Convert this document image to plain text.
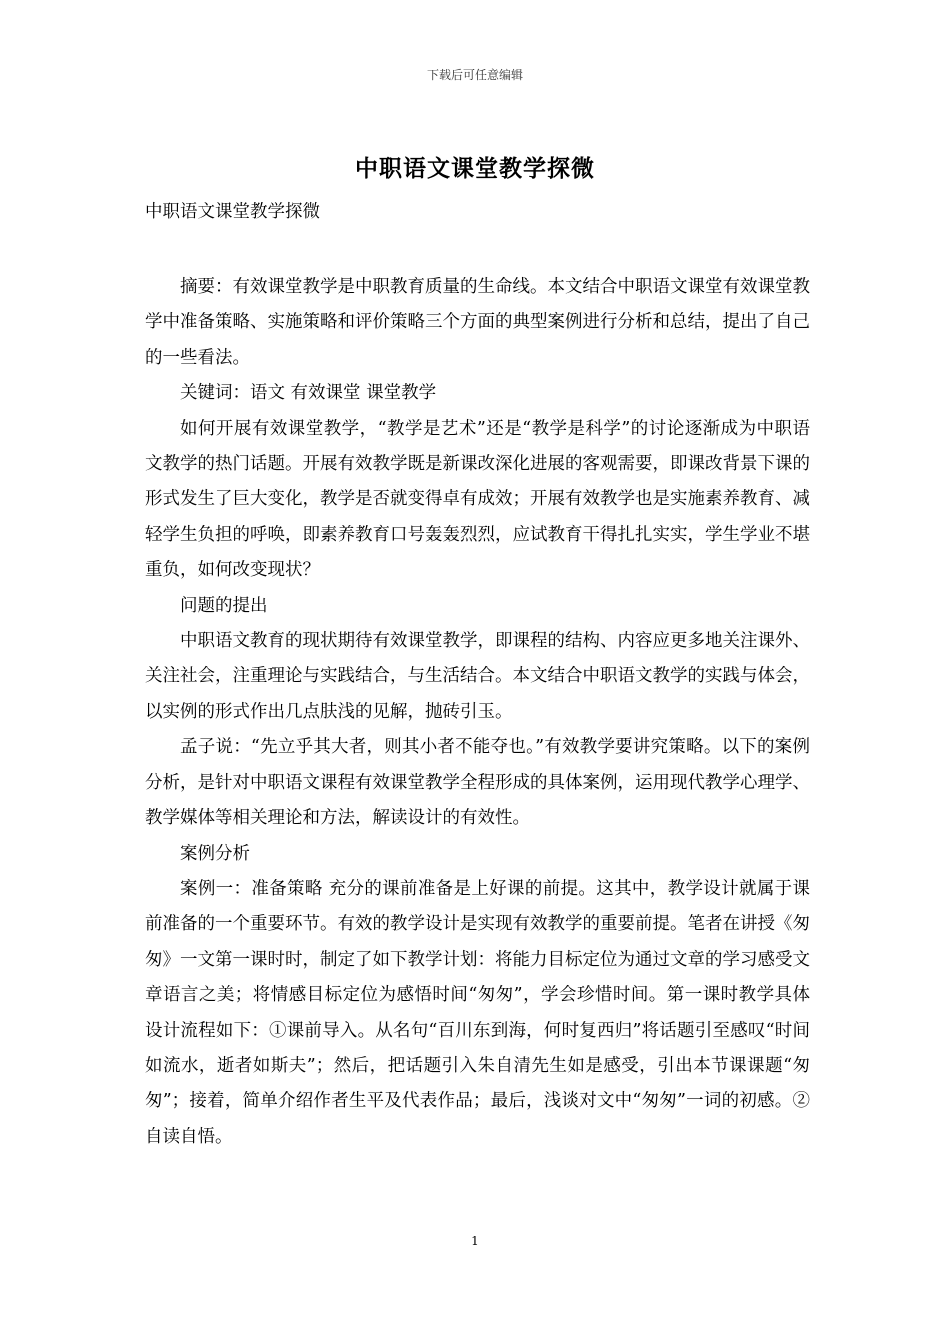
下载后可任意编辑
中职语文课堂教学探微
中职语文课堂教学探微

摘要：有效课堂教学是中职教育质量的生命线。本文结合中职语文课堂有效课堂教学中准备策略、实施策略和评价策略三个方面的典型案例进行分析和总结，提出了自己的一些看法。

关键词：语文 有效课堂 课堂教学

如何开展有效课堂教学，“教学是艺术”还是“教学是科学”的讨论逐渐成为中职语文教学的热门话题。开展有效教学既是新课改深化进展的客观需要，即课改背景下课的形式发生了巨大变化，教学是否就变得卓有成效；开展有效教学也是实施素养教育、减轻学生负担的呼唤，即素养教育口号轰轰烈烈，应试教育干得扎扎实实，学生学业不堪重负，如何改变现状？

问题的提出

中职语文教育的现状期待有效课堂教学，即课程的结构、内容应更多地关注课外、关注社会，注重理论与实践结合，与生活结合。本文结合中职语文教学的实践与体会，以实例的形式作出几点肤浅的见解，抛砖引玉。

孟子说：“先立乎其大者，则其小者不能夺也。”有效教学要讲究策略。以下的案例分析，是针对中职语文课程有效课堂教学全程形成的具体案例，运用现代教学心理学、教学媒体等相关理论和方法，解读设计的有效性。

案例分析

案例一：准备策略 充分的课前准备是上好课的前提。这其中，教学设计就属于课前准备的一个重要环节。有效的教学设计是实现有效教学的重要前提。笔者在讲授《匆匆》一文第一课时时，制定了如下教学计划：将能力目标定位为通过文章的学习感受文章语言之美；将情感目标定位为感悟时间“匆匆”，学会珍惜时间。第一课时教学具体设计流程如下：①课前导入。从名句“百川东到海，何时复西归”将话题引至感叹“时间如流水，逝者如斯夫”；然后，把话题引入朱自清先生如是感受，引出本节课课题“匆匆”；接着，简单介绍作者生平及代表作品；最后，浅谈对文中“匆匆”一词的初感。②自读自悟。

1
